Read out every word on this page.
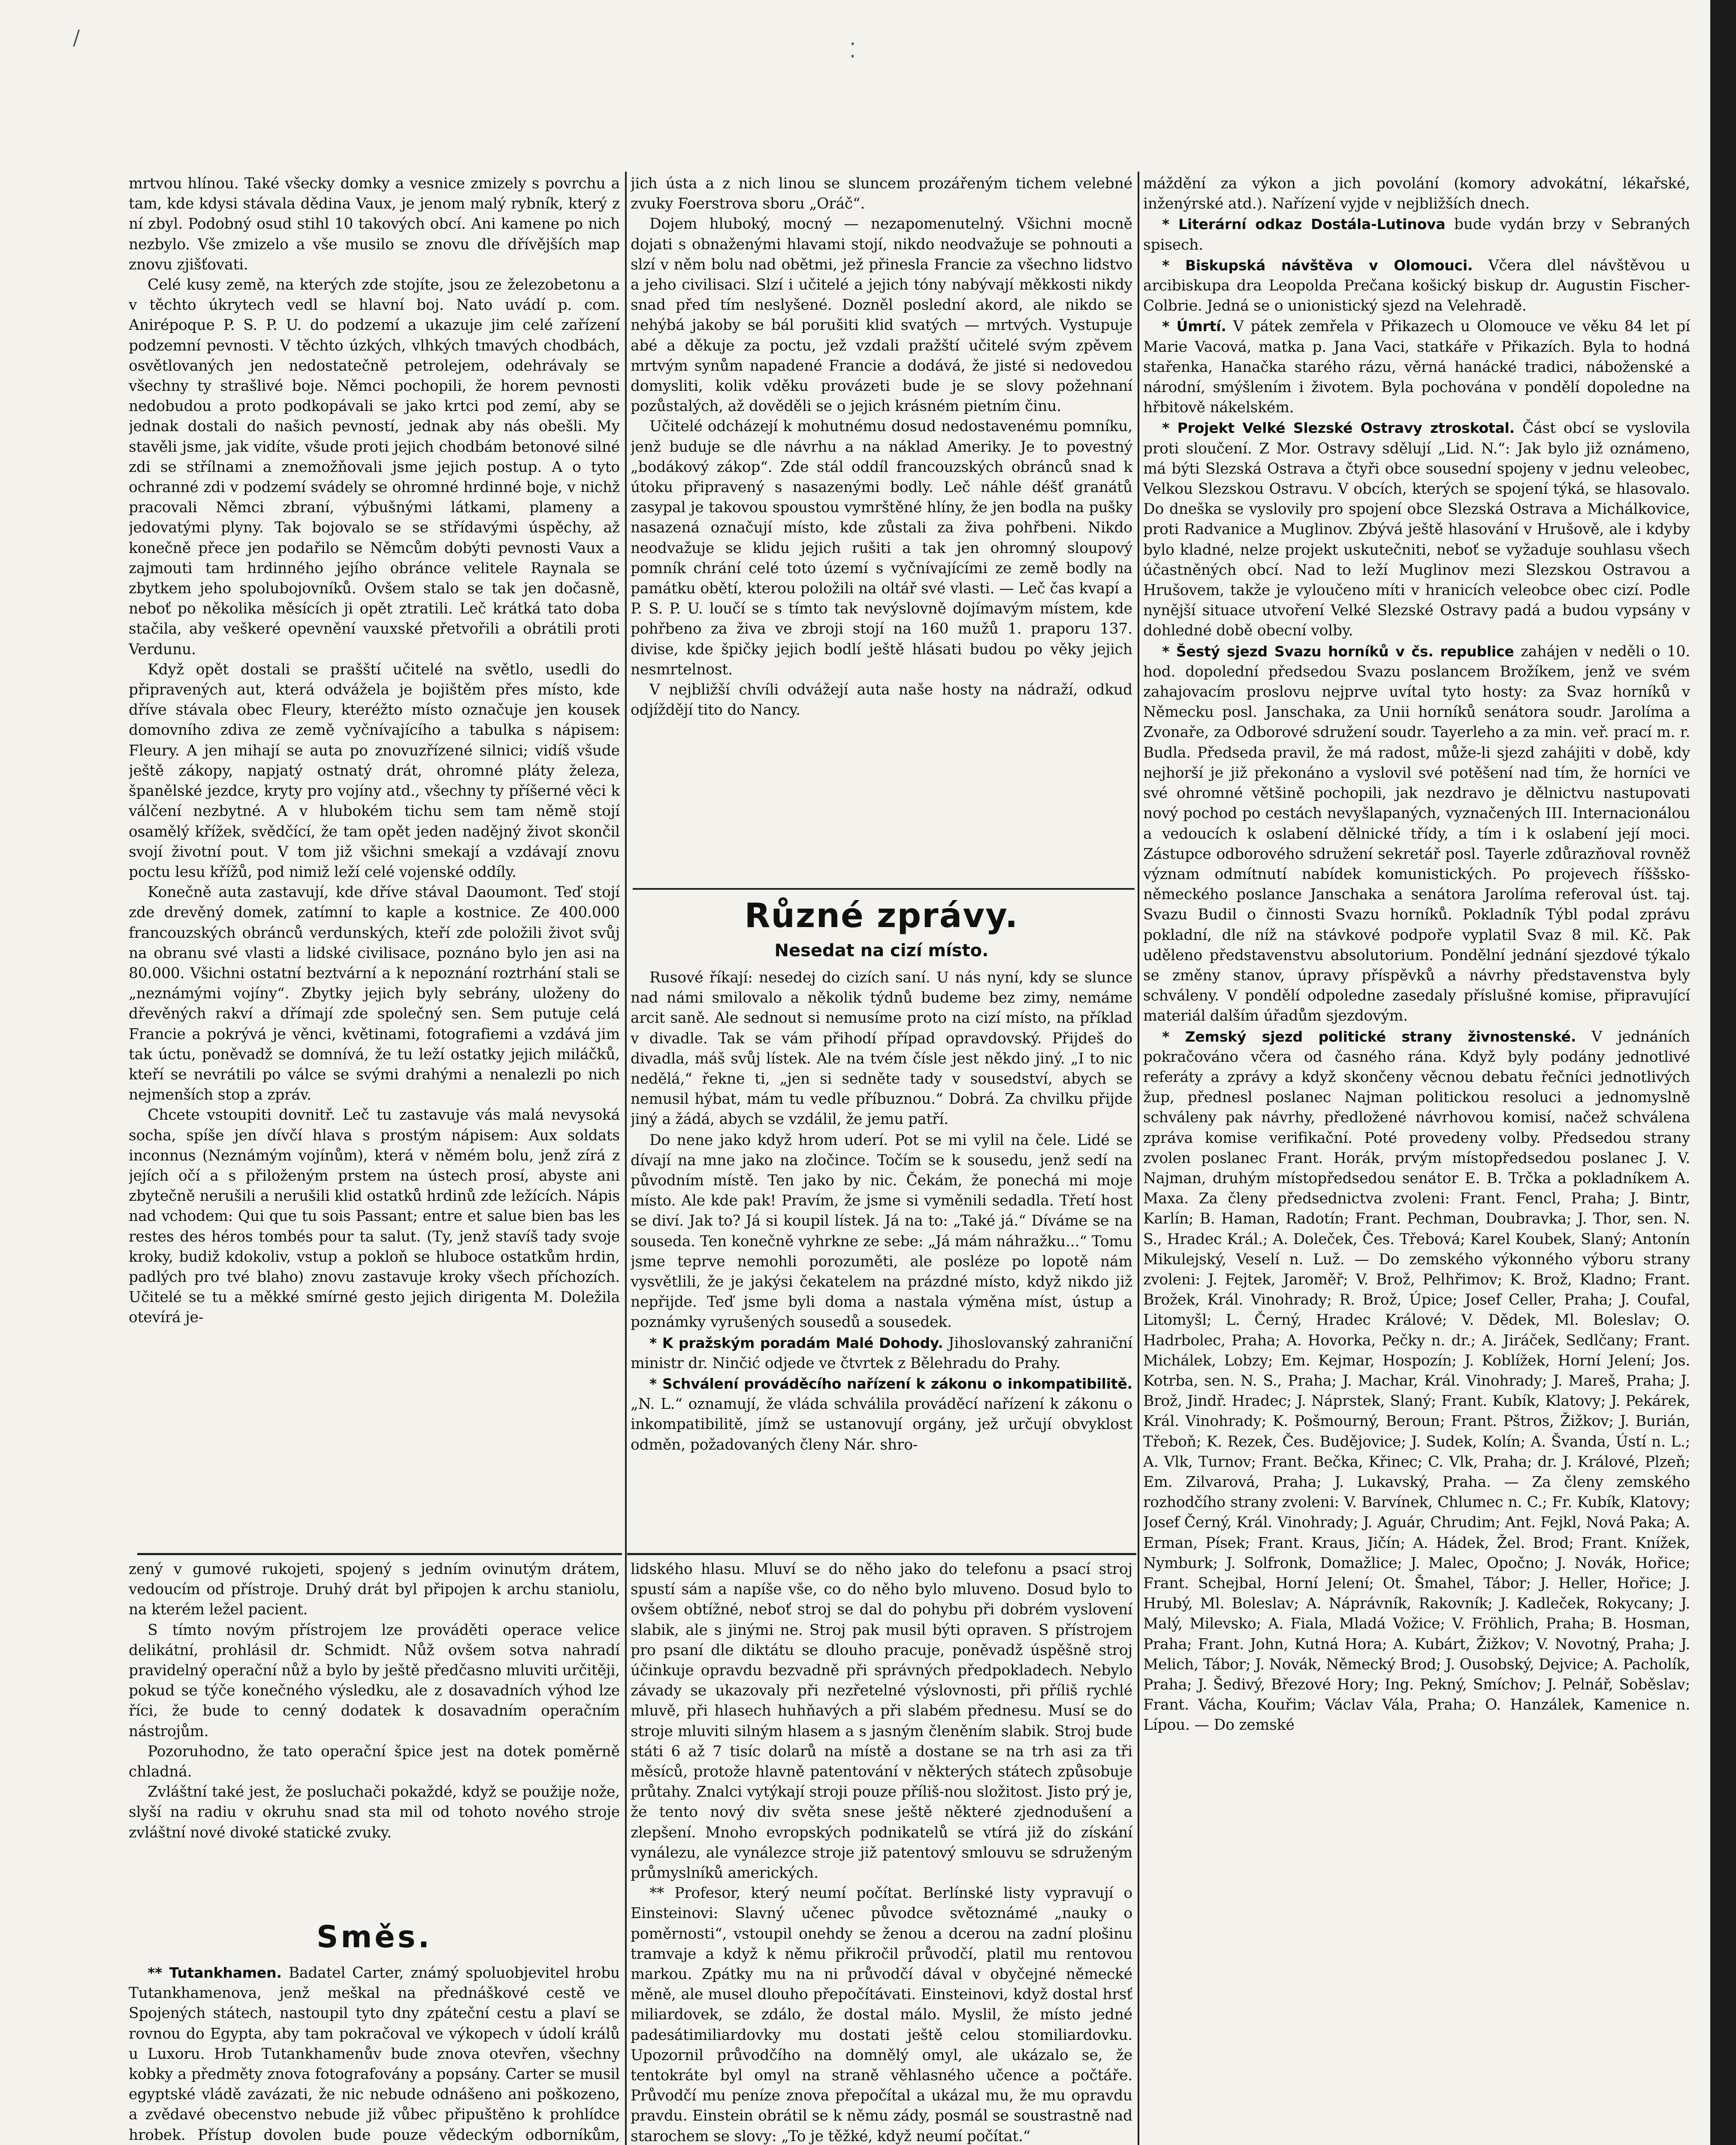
/
⁚

mrtvou hlínou. Také všecky domky a vesnice zmizely s povrchu a tam, kde kdysi stávala dědina Vaux, je jenom malý rybník, který z ní zbyl. Podobný osud stihl 10 takových obcí. Ani kamene po nich nezbylo. Vše zmizelo a vše musilo se znovu dle dřívějších map znovu zjišťovati.

Celé kusy země, na kterých zde stojíte, jsou ze železobetonu a v těchto úkrytech vedl se hlavní boj. Nato uvádí p. com. Anirépoque P. S. P. U. do podzemí a ukazuje jim celé zařízení podzemní pevnosti. V těchto úzkých, vlhkých tmavých chodbách, osvětlovaných jen nedostatečně petrolejem, odehrávaly se všechny ty strašlivé boje. Němci pochopili, že horem pevnosti nedobudou a proto podkopávali se jako krtci pod zemí, aby se jednak dostali do našich pevností, jednak aby nás obešli. My stavěli jsme, jak vidíte, všude proti jejich chodbám betonové silné zdi se střílnami a znemožňovali jsme jejich postup. A o tyto ochranné zdi v podzemí svádely se ohromné hrdinné boje, v nichž pracovali Němci zbraní, výbušnými látkami, plameny a jedovatými plyny. Tak bojovalo se se střídavými úspěchy, až konečně přece jen podařilo se Němcům dobýti pevnosti Vaux a zajmouti tam hrdinného jejího obránce velitele Raynala se zbytkem jeho spolubojovníků. Ovšem stalo se tak jen dočasně, neboť po několika měsících ji opět ztratili. Leč krátká tato doba stačila, aby veškeré opevnění vauxské přetvořili a obrátili proti Verdunu.

Když opět dostali se prašští učitelé na světlo, usedli do připravených aut, která odvážela je bojištěm přes místo, kde dříve stávala obec Fleury, kteréžto místo označuje jen kousek domovního zdiva ze země vyčnívajícího a tabulka s nápisem: Fleury. A jen mihají se auta po znovuzřízené silnici; vidíš všude ještě zákopy, napjatý ostnatý drát, ohromné pláty železa, španělské jezdce, kryty pro vojíny atd., všechny ty příšerné věci k válčení nezbytné. A v hlubokém tichu sem tam němě stojí osamělý křížek, svědčící, že tam opět jeden nadějný život skončil svojí životní pout. V tom již všichni smekají a vzdávají znovu poctu lesu křížů, pod nimiž leží celé vojenské oddíly.

Konečně auta zastavují, kde dříve stával Daoumont. Teď stojí zde drevěný domek, zatímní to kaple a kostnice. Ze 400.000 francouzských obránců verdunských, kteří zde položili život svůj na obranu své vlasti a lidské civilisace, poznáno bylo jen asi na 80.000. Všichni ostatní beztvární a k nepoznání roztrhání stali se „neznámými vojíny“. Zbytky jejich byly sebrány, uloženy do dřevěných rakví a dřímají zde společný sen. Sem putuje celá Francie a pokrývá je věnci, květinami, fotografiemi a vzdává jim tak úctu, poněvadž se domnívá, že tu leží ostatky jejich miláčků, kteří se nevrátili po válce se svými drahými a nenalezli po nich nejmenších stop a zpráv.

Chcete vstoupiti dovnitř. Leč tu zastavuje vás malá nevysoká socha, spíše jen dívčí hlava s prostým nápisem: Aux soldats inconnus (Neznámým vojínům), která v němém bolu, jenž zírá z jejích očí a s přiloženým prstem na ústech prosí, abyste ani zbytečně nerušili a nerušili klid ostatků hrdinů zde ležících. Nápis nad vchodem: Qui que tu sois Passant; entre et salue bien bas les restes des héros tombés pour ta salut. (Ty, jenž stavíš tady svoje kroky, budiž kdokoliv, vstup a pokloň se hluboce ostatkům hrdin, padlých pro tvé blaho) znovu zastavuje kroky všech příchozích. Učitelé se tu a měkké smírné gesto jejich dirigenta M. Doležila otevírá je-

jich ústa a z nich linou se sluncem prozářeným tichem velebné zvuky Foerstrova sboru „Oráč“.

Dojem hluboký, mocný — nezapomenutelný. Všichni mocně dojati s obnaženými hlavami stojí, nikdo neodvažuje se pohnouti a slzí v něm bolu nad obětmi, jež přinesla Francie za všechno lidstvo a jeho civilisaci. Slzí i učitelé a jejich tóny nabývají měkkosti nikdy snad před tím neslyšené. Dozněl poslední akord, ale nikdo se nehýbá jakoby se bál porušiti klid svatých — mrtvých. Vystupuje abé a děkuje za poctu, jež vzdali pražští učitelé svým zpěvem mrtvým synům napadené Francie a dodává, že jisté si nedovedou domysliti, kolik vděku provázeti bude je se slovy požehnaní pozůstalých, až dověděli se o jejich krásném pietním činu.

Učitelé odcházejí k mohutnému dosud nedostavenému pomníku, jenž buduje se dle návrhu a na náklad Ameriky. Je to povestný „bodákový zákop“. Zde stál oddíl francouzských obránců snad k útoku připravený s nasazenými bodly. Leč náhle déšť granátů zasypal je takovou spoustou vymrštěné hlíny, že jen bodla na pušky nasazená označují místo, kde zůstali za živa pohřbeni. Nikdo neodvažuje se klidu jejich rušiti a tak jen ohromný sloupový pomník chrání celé toto území s vyčnívajícími ze země bodly na památku obětí, kterou položili na oltář své vlasti. — Leč čas kvapí a P. S. P. U. loučí se s tímto tak nevýslovně dojímavým místem, kde pohřbeno za živa ve zbroji stojí na 160 mužů 1. praporu 137. divise, kde špičky jejich bodlí ještě hlásati budou po věky jejich nesmrtelnost.

V nejbližší chvíli odvážejí auta naše hosty na nádraží, odkud odjíždějí tito do Nancy.

Různé zprávy.
Nesedat na cizí místo.

Rusové říkají: nesedej do cizích saní. U nás nyní, kdy se slunce nad námi smilovalo a několik týdnů budeme bez zimy, nemáme arcit saně. Ale sednout si nemusíme proto na cizí místo, na příklad v divadle. Tak se vám přihodí případ opravdovský. Přijdeš do divadla, máš svůj lístek. Ale na tvém čísle jest někdo jiný. „I to nic nedělá,“ řekne ti, „jen si sedněte tady v sousedství, abych se nemusil hýbat, mám tu vedle příbuznou.“ Dobrá. Za chvilku přijde jiný a žádá, abych se vzdálil, že jemu patří.

Do nene jako když hrom uderí. Pot se mi vylil na čele. Lidé se dívají na mne jako na zločince. Točím se k sousedu, jenž sedí na původním místě. Ten jako by nic. Čekám, že ponechá mi moje místo. Ale kde pak! Pravím, že jsme si vyměnili sedadla. Třetí host se diví. Jak to? Já si koupil lístek. Já na to: „Také já.“ Díváme se na souseda. Ten konečně vyhrkne ze sebe: „Já mám náhražku...“ Tomu jsme teprve nemohli porozuměti, ale posléze po lopotě nám vysvětlili, že je jakýsi čekatelem na prázdné místo, když nikdo již nepřijde. Teď jsme byli doma a nastala výměna míst, ústup a poznámky vyrušených sousedů a sousedek.

* K pražským poradám Malé Dohody. Jihoslovanský zahraniční ministr dr. Ninčić odjede ve čtvrtek z Bělehradu do Prahy.

* Schválení prováděcího nařízení k zákonu o inkompatibilitě. „N. L.“ oznamují, že vláda schválila prováděcí nařízení k zákonu o inkompatibilitě, jímž se ustanovují orgány, jež určují obvyklost odměn, požadovaných členy Nár. shro-

máždění za výkon a jich povolání (komory advokátní, lékařské, inženýrské atd.). Nařízení vyjde v nejbližších dnech.

* Literární odkaz Dostála-Lutinova bude vydán brzy v Sebraných spisech.

* Biskupská návštěva v Olomouci. Včera dlel návštěvou u arcibiskupa dra Leopolda Prečana košický biskup dr. Augustin Fischer-Colbrie. Jedná se o unionistický sjezd na Velehradě.

* Úmrtí. V pátek zemřela v Přikazech u Olomouce ve věku 84 let pí Marie Vacová, matka p. Jana Vaci, statkáře v Přikazích. Byla to hodná stařenka, Hanačka starého rázu, věrná hanácké tradici, náboženské a národní, smýšlením i životem. Byla pochována v pondělí dopoledne na hřbitově nákelském.

* Projekt Velké Slezské Ostravy ztroskotal. Část obcí se vyslovila proti sloučení. Z Mor. Ostravy sdělují „Lid. N.“: Jak bylo již oznámeno, má býti Slezská Ostrava a čtyři obce sousední spojeny v jednu veleobec, Velkou Slezskou Ostravu. V obcích, kterých se spojení týká, se hlasovalo. Do dneška se vyslovily pro spojení obce Slezská Ostrava a Michálkovice, proti Radvanice a Muglinov. Zbývá ještě hlasování v Hrušově, ale i kdyby bylo kladné, nelze projekt uskutečniti, neboť se vyžaduje souhlasu všech účastněných obcí. Nad to leží Muglinov mezi Slezskou Ostravou a Hrušovem, takže je vyloučeno míti v hranicích veleobce obec cizí. Podle nynější situace utvoření Velké Slezské Ostravy padá a budou vypsány v dohledné době obecní volby.

* Šestý sjezd Svazu horníků v čs. republice zahájen v neděli o 10. hod. dopolední předsedou Svazu poslancem Brožíkem, jenž ve svém zahajovacím proslovu nejprve uvítal tyto hosty: za Svaz horníků v Německu posl. Janschaka, za Unii horníků senátora soudr. Jarolíma a Zvonaře, za Odborové sdružení soudr. Tayerleho a za min. veř. prací m. r. Budla. Předseda pravil, že má radost, může-li sjezd zahájiti v době, kdy nejhorší je již překonáno a vyslovil své potěšení nad tím, že horníci ve své ohromné většině pochopili, jak nezdravo je dělnictvu nastupovati nový pochod po cestách nevyšlapaných, vyznačených III. Internacionálou a vedoucích k oslabení dělnické třídy, a tím i k oslabení její moci. Zástupce odborového sdružení sekretář posl. Tayerle zdůrazňoval rovněž význam odmítnutí nabídek komunistických. Po projevech říššsko-německého poslance Janschaka a senátora Jarolíma referoval úst. taj. Svazu Budil o činnosti Svazu horníků. Pokladník Týbl podal zprávu pokladní, dle níž na stávkové podpoře vyplatil Svaz 8 mil. Kč. Pak uděleno představenstvu absolutorium. Pondělní jednání sjezdové týkalo se změny stanov, úpravy příspěvků a návrhy představenstva byly schváleny. V pondělí odpoledne zasedaly příslušné komise, připravující materiál dalším úřadům sjezdovým.

* Zemský sjezd politické strany živnostenské. V jednáních pokračováno včera od časného rána. Když byly podány jednotlivé referáty a zprávy a když skončeny věcnou debatu řečníci jednotlivých žup, přednesl poslanec Najman politickou resoluci a jednomyslně schváleny pak návrhy, předložené návrhovou komisí, načež schválena zpráva komise verifikační. Poté provedeny volby. Předsedou strany zvolen poslanec Frant. Horák, prvým místopředsedou poslanec J. V. Najman, druhým místopředsedou senátor E. B. Trčka a pokladníkem A. Maxa. Za členy předsednictva zvoleni: Frant. Fencl, Praha; J. Bintr, Karlín; B. Haman, Radotín; Frant. Pechman, Doubravka; J. Thor, sen. N. S., Hradec Král.; A. Doleček, Čes. Třebová; Karel Koubek, Slaný; Antonín Mikulejský, Veselí n. Luž. — Do zemského výkonného výboru strany zvoleni: J. Fejtek, Jaroměř; V. Brož, Pelhřimov; K. Brož, Kladno; Frant. Brožek, Král. Vinohrady; R. Brož, Úpice; Josef Celler, Praha; J. Coufal, Litomyšl; L. Černý, Hradec Králové; V. Dědek, Ml. Boleslav; O. Hadrbolec, Praha; A. Hovorka, Pečky n. dr.; A. Jiráček, Sedlčany; Frant. Michálek, Lobzy; Em. Kejmar, Hospozín; J. Koblížek, Horní Jelení; Jos. Kotrba, sen. N. S., Praha; J. Machar, Král. Vinohrady; J. Mareš, Praha; J. Brož, Jindř. Hradec; J. Náprstek, Slaný; Frant. Kubík, Klatovy; J. Pekárek, Král. Vinohrady; K. Pošmourný, Beroun; Frant. Pštros, Žižkov; J. Burián, Třeboň; K. Rezek, Čes. Budějovice; J. Sudek, Kolín; A. Švanda, Ústí n. L.; A. Vlk, Turnov; Frant. Bečka, Křinec; C. Vlk, Praha; dr. J. Králové, Plzeň; Em. Zilvarová, Praha; J. Lukavský, Praha. — Za členy zemského rozhodčího strany zvoleni: V. Barvínek, Chlumec n. C.; Fr. Kubík, Klatovy; Josef Černý, Král. Vinohrady; J. Aguár, Chrudim; Ant. Fejkl, Nová Paka; A. Erman, Písek; Frant. Kraus, Jičín; A. Hádek, Žel. Brod; Frant. Knížek, Nymburk; J. Solfronk, Domažlice; J. Malec, Opočno; J. Novák, Hořice; Frant. Schejbal, Horní Jelení; Ot. Šmahel, Tábor; J. Heller, Hořice; J. Hrubý, Ml. Boleslav; A. Náprávník, Rakovník; J. Kadleček, Rokycany; J. Malý, Milevsko; A. Fiala, Mladá Vožice; V. Fröhlich, Praha; B. Hosman, Praha; Frant. John, Kutná Hora; A. Kubárt, Žižkov; V. Novotný, Praha; J. Melich, Tábor; J. Novák, Německý Brod; J. Ousobský, Dejvice; A. Pacholík, Praha; J. Šedivý, Březové Hory; Ing. Pekný, Smíchov; J. Pelnář, Soběslav; Frant. Vácha, Kouřim; Václav Vála, Praha; O. Hanzálek, Kamenice n. Lípou. — Do zemské

zený v gumové rukojeti, spojený s jedním ovinutým drátem, vedoucím od přístroje. Druhý drát byl připojen k archu staniolu, na kterém ležel pacient.

S tímto novým přístrojem lze prováděti operace velice delikátní, prohlásil dr. Schmidt. Nůž ovšem sotva nahradí pravidelný operační nůž a bylo by ještě předčasno mluviti určitěji, pokud se týče konečného výsledku, ale z dosavadních výhod lze říci, že bude to cenný dodatek k dosavadním operačním nástrojům.

Pozoruhodno, že tato operační špice jest na dotek poměrně chladná.

Zvláštní také jest, že posluchači pokaždé, když se použije nože, slyší na radiu v okruhu snad sta mil od tohoto nového stroje zvláštní nové divoké statické zvuky.

Směs.

** Tutankhamen. Badatel Carter, známý spoluobjevitel hrobu Tutankhamenova, jenž meškal na přednáškové cestě ve Spojených státech, nastoupil tyto dny zpáteční cestu a plaví se rovnou do Egypta, aby tam pokračoval ve výkopech v údolí králů u Luxoru. Hrob Tutankhamenův bude znova otevřen, všechny kobky a předměty znova fotografovány a popsány. Carter se musil egyptské vládě zavázati, že nic nebude odnášeno ani poškozeno, a zvědavé obecenstvo nebude již vůbec připuštěno k prohlídce hrobek. Přístup dovolen bude pouze vědeckým odborníkům,

lidského hlasu. Mluví se do něho jako do telefonu a psací stroj spustí sám a napíše vše, co do něho bylo mluveno. Dosud bylo to ovšem obtížné, neboť stroj se dal do pohybu při dobrém vyslovení slabik, ale s jinými ne. Stroj pak musil býti opraven. S přístrojem pro psaní dle diktátu se dlouho pracuje, poněvadž úspěšně stroj účinkuje opravdu bezvadně při správných předpokladech. Nebylo závady se ukazovaly při nezřetelné výslovnosti, při příliš rychlé mluvě, při hlasech huhňavých a při slabém přednesu. Musí se do stroje mluviti silným hlasem a s jasným členěním slabik. Stroj bude státi 6 až 7 tisíc dolarů na místě a dostane se na trh asi za tři měsíců, protože hlavně patentování v některých státech způsobuje průtahy. Znalci vytýkají stroji pouze příliš-nou složitost. Jisto prý je, že tento nový div světa snese ještě některé zjednodušení a zlepšení. Mnoho evropských podnikatelů se vtírá již do získání vynálezu, ale vynálezce stroje již patentový smlouvu se sdruženým průmyslníků amerických.

** Profesor, který neumí počítat. Berlínské listy vypravují o Einsteinovi: Slavný učenec původce světoznámé „nauky o poměrnosti“, vstoupil onehdy se ženou a dcerou na zadní plošinu tramvaje a když k němu přikročil průvodčí, platil mu rentovou markou. Zpátky mu na ni průvodčí dával v obyčejné německé měně, ale musel dlouho přepočítávati. Einsteinovi, když dostal hrsť miliardovek, se zdálo, že dostal málo. Myslil, že místo jedné padesátimiliardovky mu dostati ještě celou stomiliardovku. Upozornil průvodčího na domnělý omyl, ale ukázalo se, že tentokráte byl omyl na straně věhlasného učence a počtáře. Průvodčí mu peníze znova přepočítal a ukázal mu, že mu opravdu pravdu. Einstein obrátil se k němu zády, posmál se soustrastně nad starochem se slovy: „To je těžké, když neumí počítat.“
